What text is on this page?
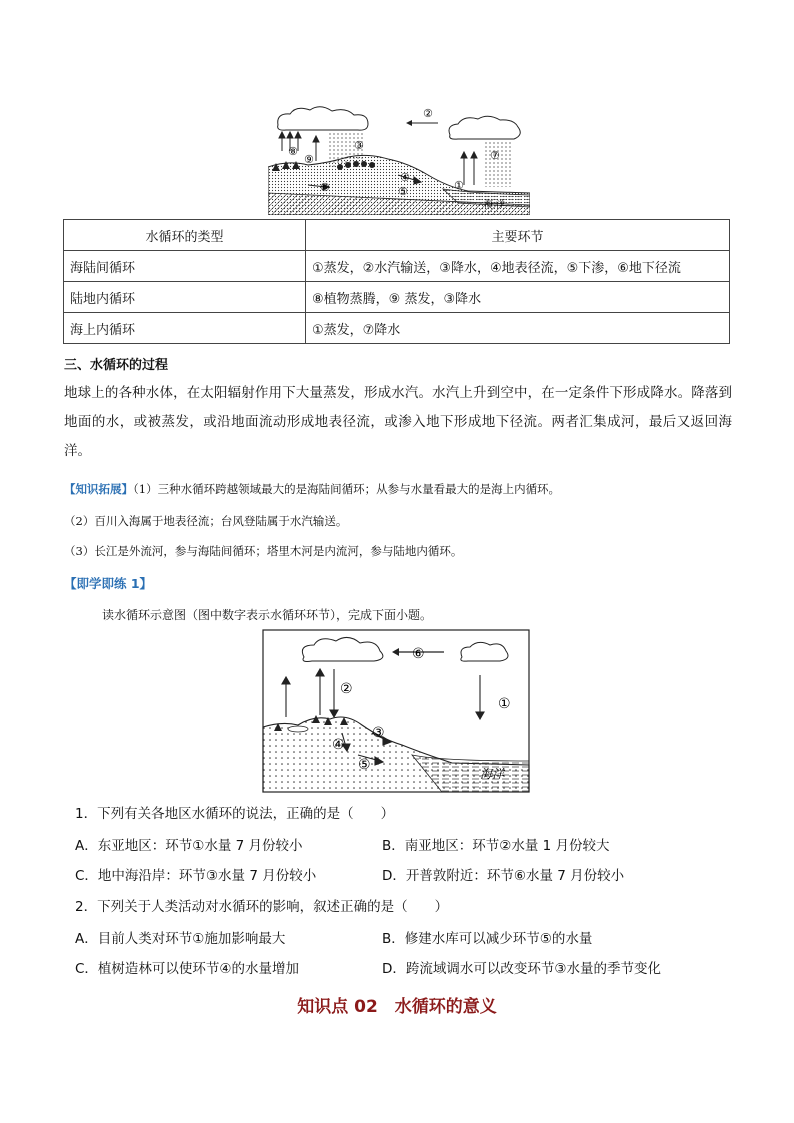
②
③
⑦
⑧
⑨
④
⑤
⑥	①
海 洋
水循环的类型	主要环节
海陆间循环	①蒸发，②水汽输送，③降水，④地表径流，⑤下渗，⑥地下径流
陆地内循环	⑧植物蒸腾，⑨ 蒸发，③降水
海上内循环	①蒸发，⑦降水
三、水循环的过程
地球上的各种水体，在太阳辐射作用下大量蒸发，形成水汽。水汽上升到空中，在一定条件下形成降水。降落到地面的水，或被蒸发，或沿地面流动形成地表径流，或渗入地下形成地下径流。两者汇集成河，最后又返回海洋。
【知识拓展】（1）三种水循环跨越领域最大的是海陆间循环；从参与水量看最大的是海上内循环。
（2）百川入海属于地表径流；台风登陆属于水汽输送。
（3）长江是外流河，参与海陆间循环；塔里木河是内流河，参与陆地内循环。
【即学即练 1】
读水循环示意图（图中数字表示水循环环节），完成下面小题。
⑥
②
①
③
④
⑤
海洋
1．下列有关各地区水循环的说法，正确的是（　　）
A．东亚地区：环节①水量 7 月份较小	B．南亚地区：环节②水量 1 月份较大
C．地中海沿岸：环节③水量 7 月份较小	D．开普敦附近：环节⑥水量 7 月份较小
2．下列关于人类活动对水循环的影响，叙述正确的是（　　）
A．目前人类对环节①施加影响最大	B．修建水库可以减少环节⑤的水量
C．植树造林可以使环节④的水量增加	D．跨流域调水可以改变环节③水量的季节变化
知识点 02　水循环的意义
